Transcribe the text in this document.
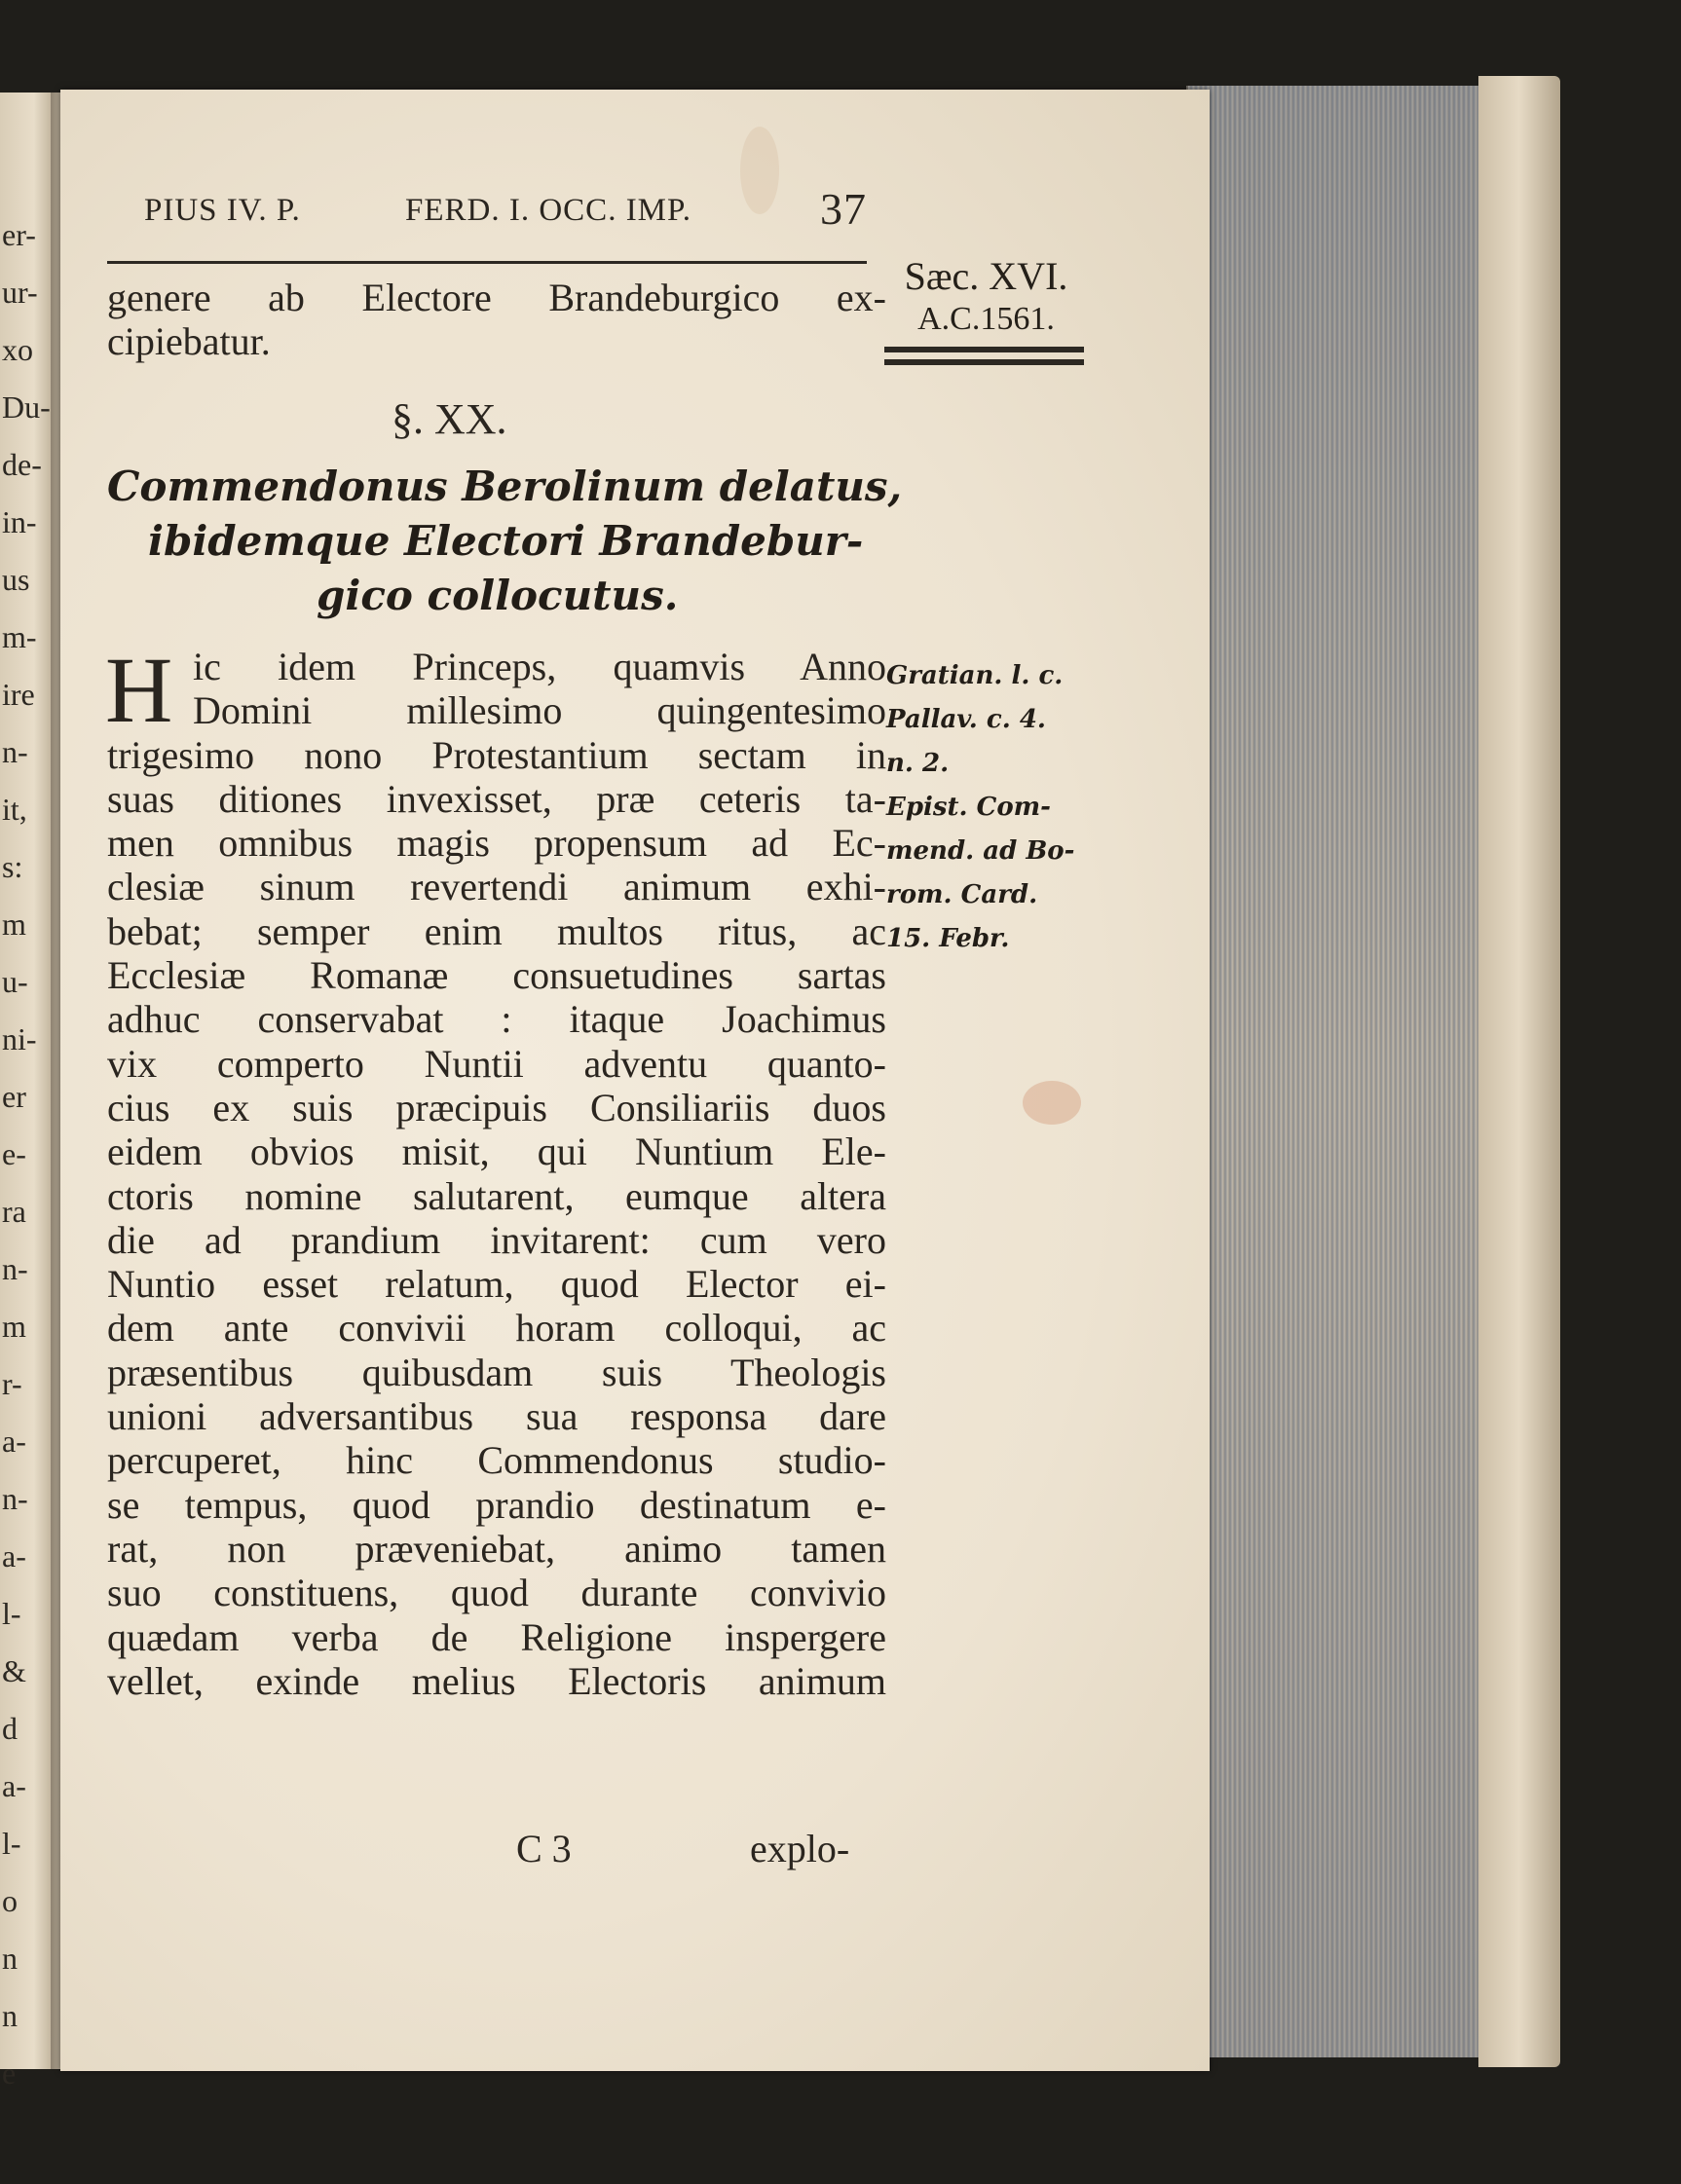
er-
ur-
xo
Du-
de-
in-
us
m-
ire
n-
it,
s:
m
u-
ni-
er
e-
ra
n-
m
r-
a-
n-
a-
l-
&
d
a-
l-
o
n
n
e
PIUS IV. P.	FERD. I. OCC. IMP.	37
Sæc. XVI.
A.C.1561.
genere ab Electore Brandeburgico ex-
cipiebatur.
§. XX.
Commendonus Berolinum delatus,
ibidemque Electori Brandebur-
gico collocutus.
H ic idem Princeps, quamvis Anno
Domini millesimo quingentesimo
trigesimo nono Protestantium sectam in
suas ditiones invexisset, præ ceteris ta-
men omnibus magis propensum ad Ec-
clesiæ sinum revertendi animum exhi-
bebat; semper enim multos ritus, ac
Ecclesiæ Romanæ consuetudines sartas
adhuc conservabat : itaque Joachimus
vix comperto Nuntii adventu quanto-
cius ex suis præcipuis Consiliariis duos
eidem obvios misit, qui Nuntium Ele-
ctoris nomine salutarent, eumque altera
die ad prandium invitarent: cum vero
Nuntio esset relatum, quod Elector ei-
dem ante convivii horam colloqui, ac
præsentibus quibusdam suis Theologis
unioni adversantibus sua responsa dare
percuperet, hinc Commendonus studio-
se tempus, quod prandio destinatum e-
rat, non præveniebat, animo tamen
suo constituens, quod durante convivio
quædam verba de Religione inspergere
vellet, exinde melius Electoris animum
Gratian. l. c.
Pallav. c. 4.
n. 2.
Epist. Com-
mend. ad Bo-
rom. Card.
15. Febr.
C 3	explo-
